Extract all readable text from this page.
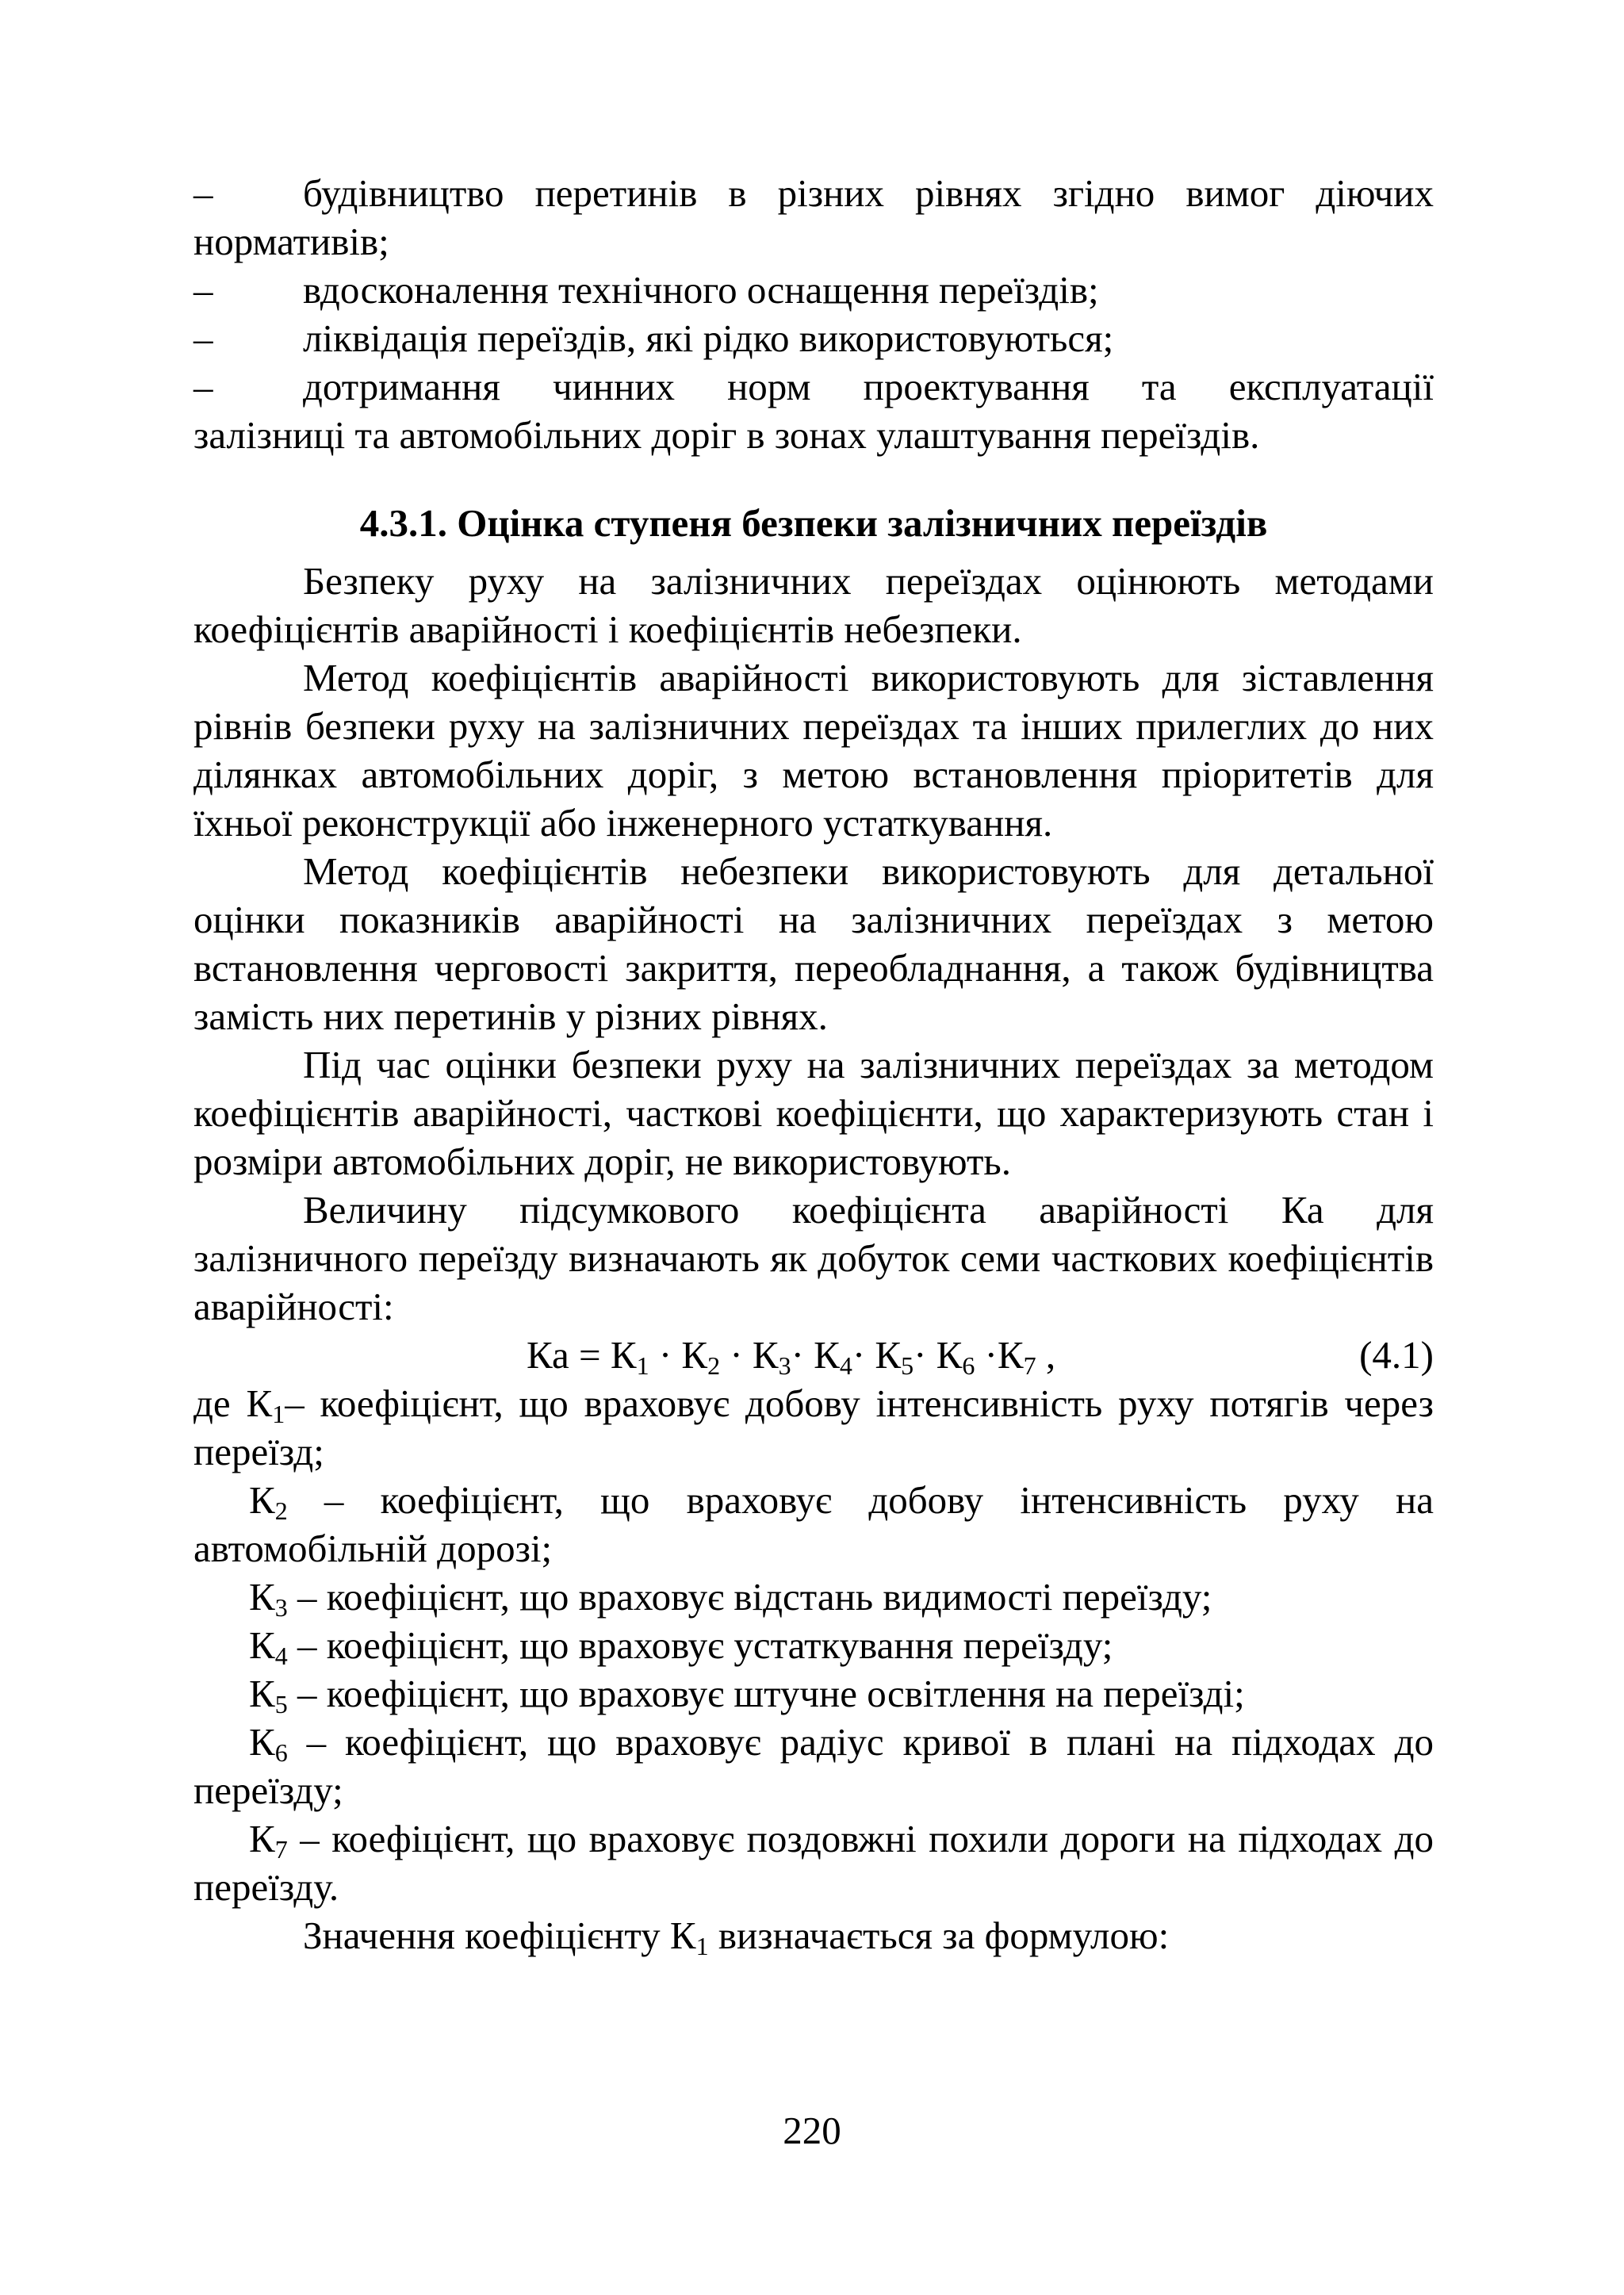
–	будівництво перетинів в різних рівнях згідно вимог діючих
нормативів;
–	вдосконалення технічного оснащення переїздів;
–	ліквідація переїздів, які рідко використовуються;
–	дотримання чинних норм проектування та експлуатації
залізниці та автомобільних доріг в зонах улаштування переїздів.
4.3.1. Оцінка ступеня безпеки залізничних переїздів

Безпеку руху на залізничних переїздах оцінюють методами коефіцієнтів аварійності і коефіцієнтів небезпеки.

Метод коефіцієнтів аварійності використовують для зіставлення рівнів безпеки руху на залізничних переїздах та інших прилеглих до них ділянках автомобільних доріг, з метою встановлення пріоритетів для їхньої реконструкції або інженерного устаткування.

Метод коефіцієнтів небезпеки використовують для детальної оцінки показників аварійності на залізничних переїздах з метою встановлення черговості закриття, переобладнання, а також будівництва замість них перетинів у різних рівнях.

Під час оцінки безпеки руху на залізничних переїздах за методом коефіцієнтів аварійності, часткові коефіцієнти, що характеризують стан і розміри автомобільних доріг, не використовують.

Величину підсумкового коефіцієнта аварійності Ка для залізничного переїзду визначають як добуток семи часткових коефіцієнтів аварійності:

Ка = $К_1 \cdot К_2 \cdot К_3\cdot К_4\cdot К_5\cdot К_6 \cdot К_7$ ,	(4.1)

де $К_1-$ коефіцієнт, що враховує добову інтенсивність руху потягів через переїзд;

$К_2$ – коефіцієнт, що враховує добову інтенсивність руху на автомобільній дорозі;

$К_3$ – коефіцієнт, що враховує відстань видимості переїзду;

$К_4$ – коефіцієнт, що враховує устаткування переїзду;

$К_5$ – коефіцієнт, що враховує штучне освітлення на переїзді;

$К_6$ – коефіцієнт, що враховує радіус кривої в плані на підходах до переїзду;

$К_7$ – коефіцієнт, що враховує поздовжні похили дороги на підходах до переїзду.

Значення коефіцієнту $К_1$ визначається за формулою:

220
